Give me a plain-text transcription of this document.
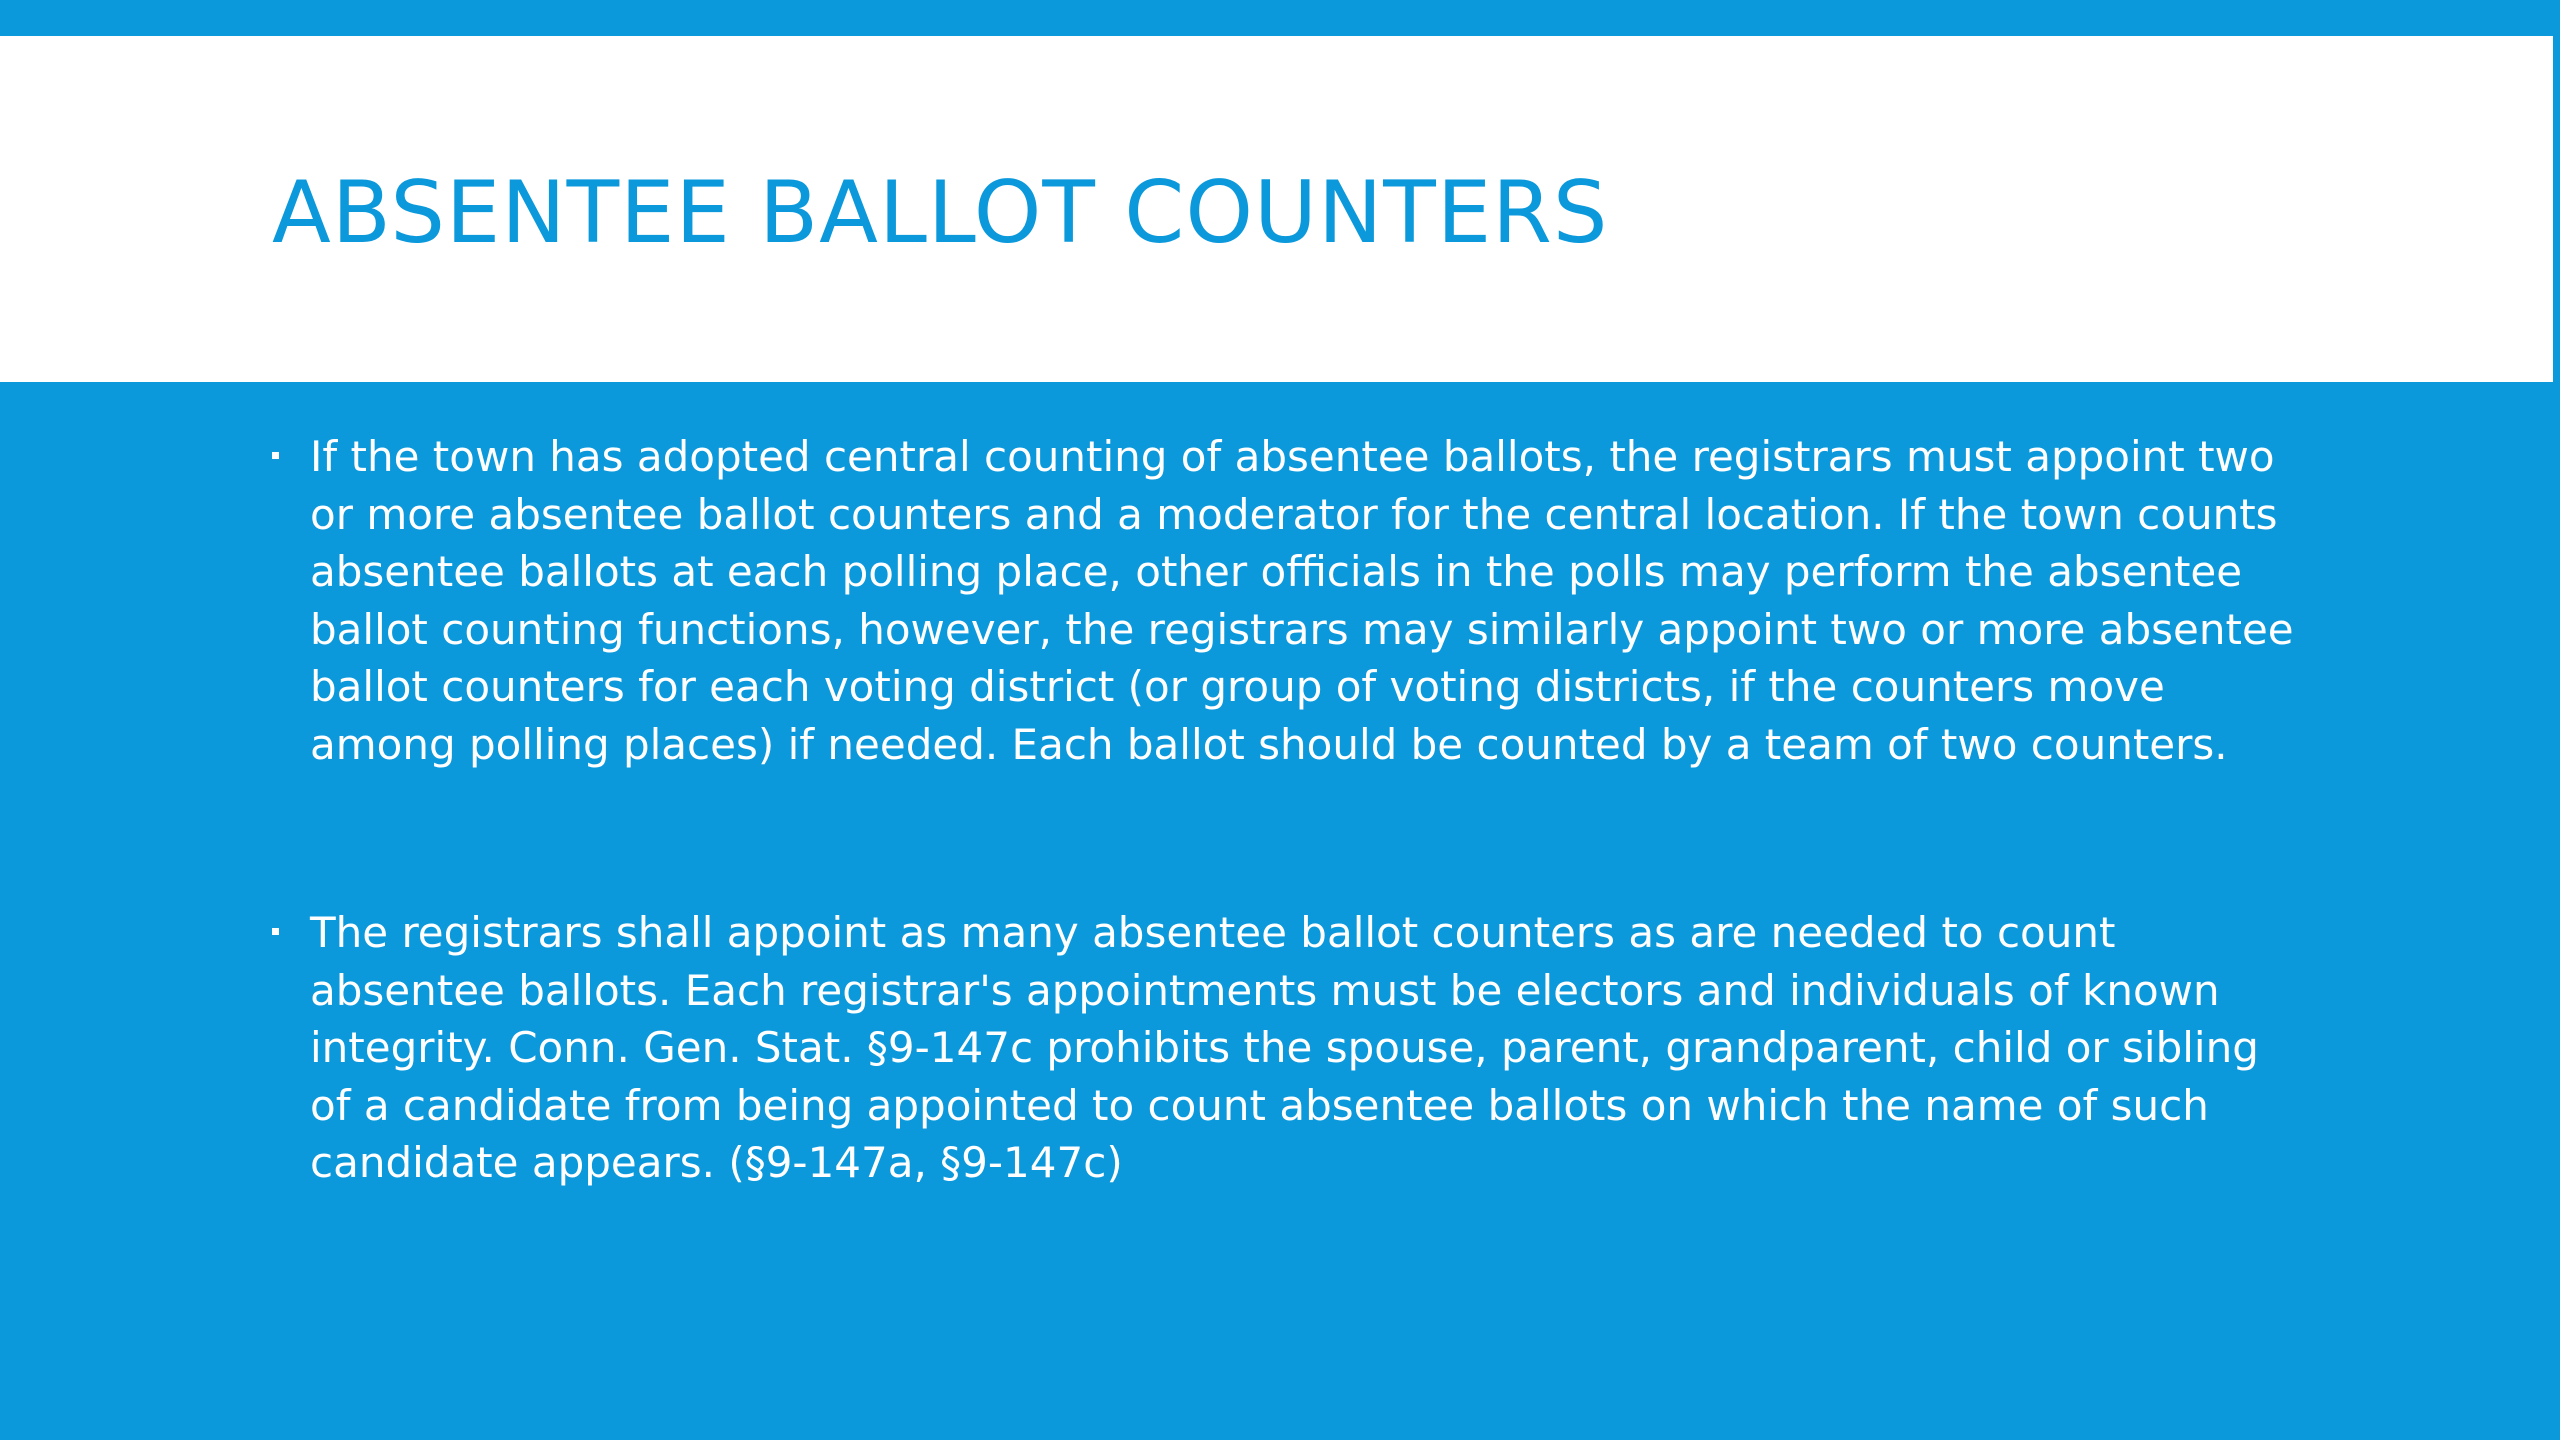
ABSENTEE BALLOT COUNTERS

If the town has adopted central counting of absentee ballots, the registrars must appoint two or more absentee ballot counters and a moderator for the central location. If the town counts absentee ballots at each polling place, other officials in the polls may perform the absentee ballot counting functions, however, the registrars may similarly appoint two or more absentee ballot counters for each voting district (or group of voting districts, if the counters move among polling places) if needed. Each ballot should be counted by a team of two counters.

The registrars shall appoint as many absentee ballot counters as are needed to count absentee ballots. Each registrar's appointments must be electors and individuals of known integrity. Conn. Gen. Stat. §9-147c prohibits the spouse, parent, grandparent, child or sibling of a candidate from being appointed to count absentee ballots on which the name of such candidate appears. (§9-147a, §9-147c)
